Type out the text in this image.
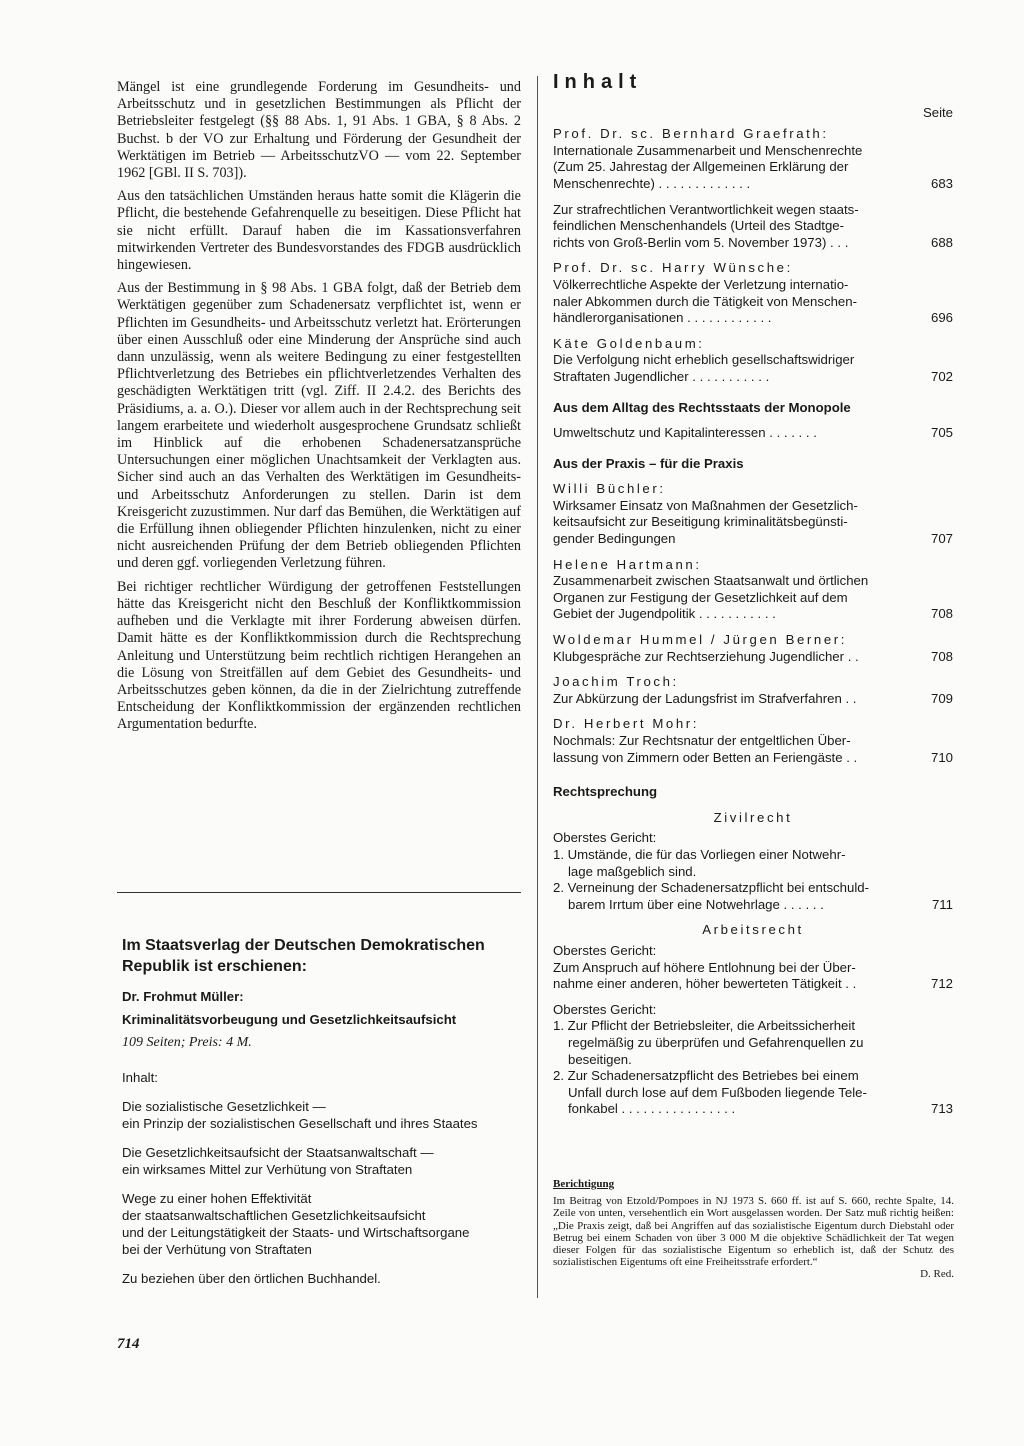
Mängel ist eine grundlegende Forderung im Gesundheits- und Arbeitsschutz und in gesetzlichen Bestimmungen als Pflicht der Betriebsleiter festgelegt (§§ 88 Abs. 1, 91 Abs. 1 GBA, § 8 Abs. 2 Buchst. b der VO zur Erhaltung und Förderung der Gesundheit der Werktätigen im Betrieb — ArbeitsschutzVO — vom 22. September 1962 [GBl. II S. 703]).

Aus den tatsächlichen Umständen heraus hatte somit die Klägerin die Pflicht, die bestehende Gefahrenquelle zu beseitigen. Diese Pflicht hat sie nicht erfüllt. Darauf haben die im Kassationsverfahren mitwirkenden Vertreter des Bundesvorstandes des FDGB ausdrücklich hingewiesen.

Aus der Bestimmung in § 98 Abs. 1 GBA folgt, daß der Betrieb dem Werktätigen gegenüber zum Schadenersatz verpflichtet ist, wenn er Pflichten im Gesundheits- und Arbeitsschutz verletzt hat. Erörterungen über einen Ausschluß oder eine Minderung der Ansprüche sind auch dann unzulässig, wenn als weitere Bedingung zu einer festgestellten Pflichtverletzung des Betriebes ein pflichtverletzendes Verhalten des geschädigten Werktätigen tritt (vgl. Ziff. II 2.4.2. des Berichts des Präsidiums, a. a. O.). Dieser vor allem auch in der Rechtsprechung seit langem erarbeitete und wiederholt ausgesprochene Grundsatz schließt im Hinblick auf die erhobenen Schadenersatzansprüche Untersuchungen einer möglichen Unachtsamkeit der Verklagten aus. Sicher sind auch an das Verhalten des Werktätigen im Gesundheits- und Arbeitsschutz Anforderungen zu stellen. Darin ist dem Kreisgericht zuzustimmen. Nur darf das Bemühen, die Werktätigen auf die Erfüllung ihnen obliegender Pflichten hinzulenken, nicht zu einer nicht ausreichenden Prüfung der dem Betrieb obliegenden Pflichten und deren ggf. vorliegenden Verletzung führen.

Bei richtiger rechtlicher Würdigung der getroffenen Feststellungen hätte das Kreisgericht nicht den Beschluß der Konfliktkommission aufheben und die Verklagte mit ihrer Forderung abweisen dürfen. Damit hätte es der Konfliktkommission durch die Rechtsprechung Anleitung und Unterstützung beim rechtlich richtigen Herangehen an die Lösung von Streitfällen auf dem Gebiet des Gesundheits- und Arbeitsschutzes geben können, da die in der Zielrichtung zutreffende Entscheidung der Konfliktkommission der ergänzenden rechtlichen Argumentation bedurfte.

Im Staatsverlag der Deutschen Demokratischen Republik ist erschienen:
Dr. Frohmut Müller:
Kriminalitätsvorbeugung und Gesetzlichkeitsaufsicht
109 Seiten; Preis: 4 M.
Inhalt:
Die sozialistische Gesetzlichkeit —
ein Prinzip der sozialistischen Gesellschaft und ihres Staates
Die Gesetzlichkeitsaufsicht der Staatsanwaltschaft —
ein wirksames Mittel zur Verhütung von Straftaten
Wege zu einer hohen Effektivität
der staatsanwaltschaftlichen Gesetzlichkeitsaufsicht
und der Leitungstätigkeit der Staats- und Wirtschaftsorgane
bei der Verhütung von Straftaten
Zu beziehen über den örtlichen Buchhandel.
714
Inhalt
Seite
Prof. Dr. sc. Bernhard Graefrath:
Internationale Zusammenarbeit und Menschenrechte
(Zum 25. Jahrestag der Allgemeinen Erklärung der
Menschenrechte) . . . . . . . . . . . . .	683
Zur strafrechtlichen Verantwortlichkeit wegen staats-
feindlichen Menschenhandels (Urteil des Stadtge-
richts von Groß-Berlin vom 5. November 1973) . . .	688
Prof. Dr. sc. Harry Wünsche:
Völkerrechtliche Aspekte der Verletzung internatio-
naler Abkommen durch die Tätigkeit von Menschen-
händlerorganisationen . . . . . . . . . . . .	696
Käte Goldenbaum:
Die Verfolgung nicht erheblich gesellschaftswidriger
Straftaten Jugendlicher . . . . . . . . . . .	702
Aus dem Alltag des Rechtsstaats der Monopole
Umweltschutz und Kapitalinteressen . . . . . . .	705
Aus der Praxis – für die Praxis
Willi Büchler:
Wirksamer Einsatz von Maßnahmen der Gesetzlich-
keitsaufsicht zur Beseitigung kriminalitätsbegünsti-
gender Bedingungen	707
Helene Hartmann:
Zusammenarbeit zwischen Staatsanwalt und örtlichen
Organen zur Festigung der Gesetzlichkeit auf dem
Gebiet der Jugendpolitik . . . . . . . . . . .	708
Woldemar Hummel / Jürgen Berner:
Klubgespräche zur Rechtserziehung Jugendlicher . .	708
Joachim Troch:
Zur Abkürzung der Ladungsfrist im Strafverfahren . .	709
Dr. Herbert Mohr:
Nochmals: Zur Rechtsnatur der entgeltlichen Über-
lassung von Zimmern oder Betten an Feriengäste . .	710
Rechtsprechung
Zivilrecht
Oberstes Gericht:
1. Umstände, die für das Vorliegen einer Notwehr-
lage maßgeblich sind.
2. Verneinung der Schadenersatzpflicht bei entschuld-
barem Irrtum über eine Notwehrlage . . . . . .	711
Arbeitsrecht
Oberstes Gericht:
Zum Anspruch auf höhere Entlohnung bei der Über-
nahme einer anderen, höher bewerteten Tätigkeit . .	712
Oberstes Gericht:
1. Zur Pflicht der Betriebsleiter, die Arbeitssicherheit
regelmäßig zu überprüfen und Gefahrenquellen zu
beseitigen.
2. Zur Schadenersatzpflicht des Betriebes bei einem
Unfall durch lose auf dem Fußboden liegende Tele-
fonkabel . . . . . . . . . . . . . . . .	713
Berichtigung

Im Beitrag von Etzold/Pompoes in NJ 1973 S. 660 ff. ist auf S. 660, rechte Spalte, 14. Zeile von unten, versehentlich ein Wort ausgelassen worden. Der Satz muß richtig heißen: „Die Praxis zeigt, daß bei Angriffen auf das sozialistische Eigentum durch Diebstahl oder Betrug bei einem Schaden von über 3 000 M die objektive Schädlichkeit der Tat wegen dieser Folgen für das sozialistische Eigentum so erheblich ist, daß der Schutz des sozialistischen Eigentums oft eine Freiheitsstrafe erfordert.“

D. Red.
